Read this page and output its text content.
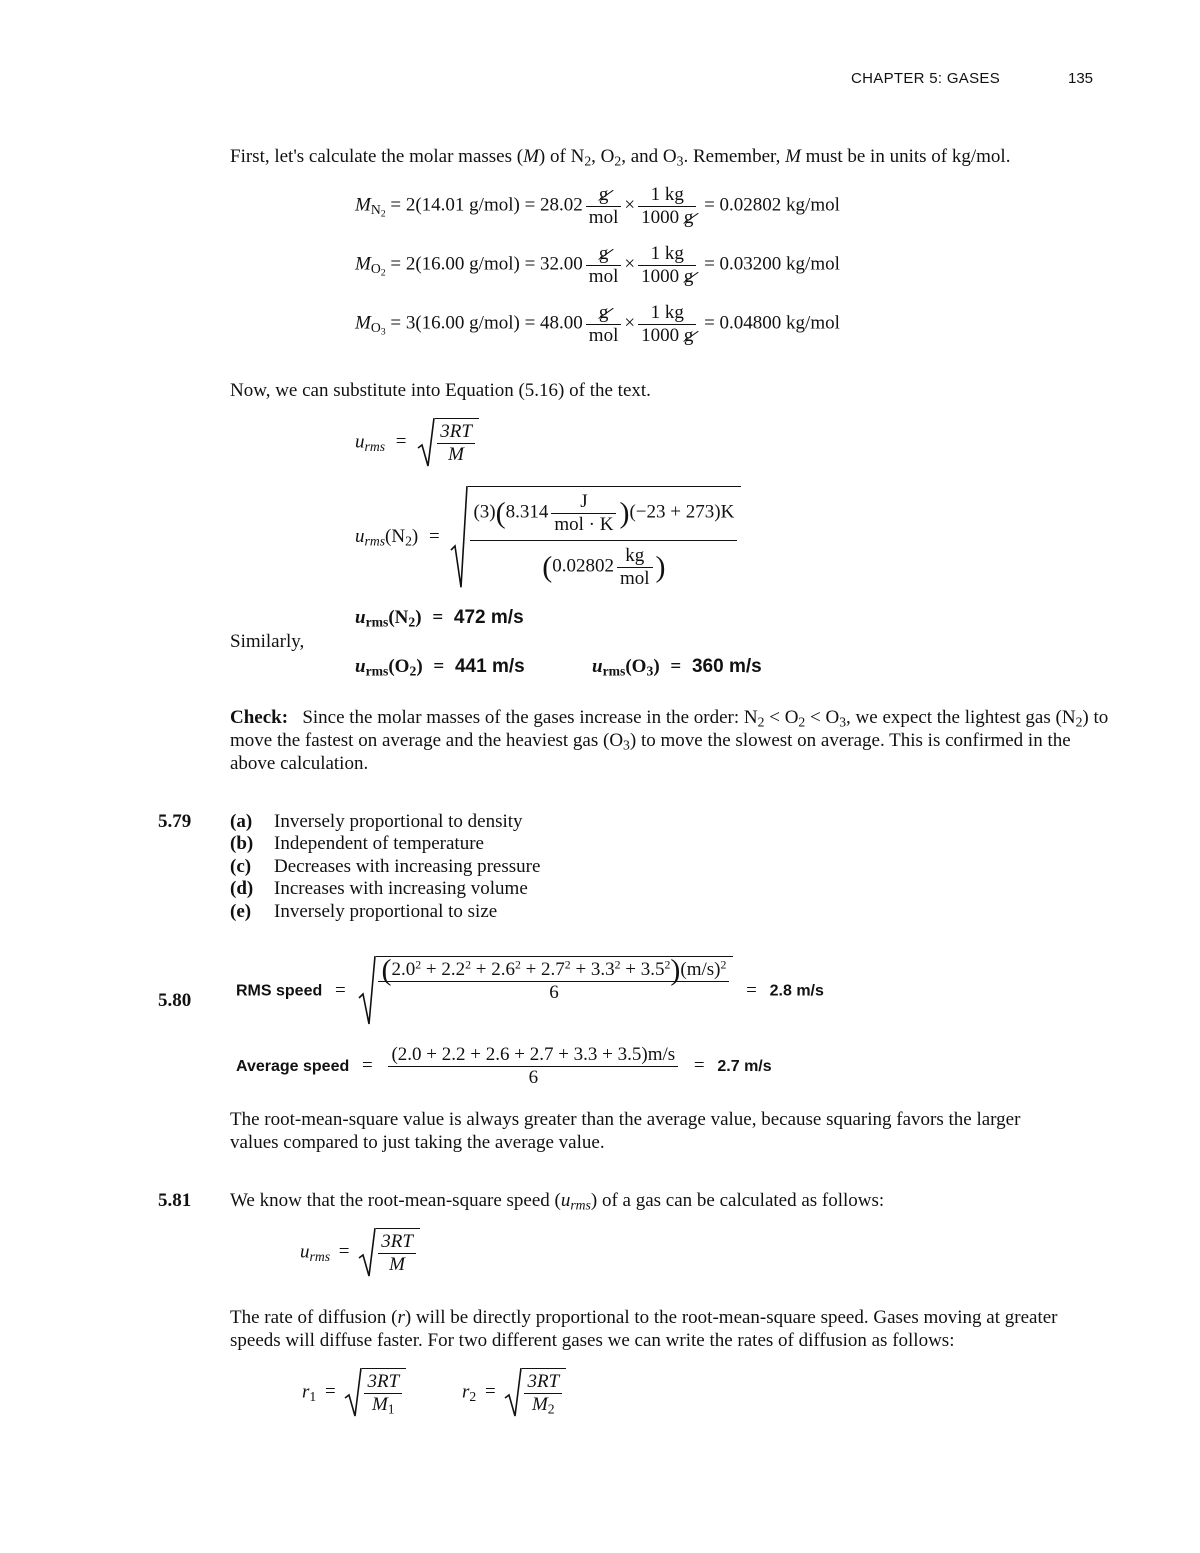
CHAPTER 5: GASES	135
First, let's calculate the molar masses (M) of $N_2$, $O_2$, and $O_3$. Remember, M must be in units of kg/mol.
$M_{N_2} = 2(14.01$ $g/mol) = 28.02 \frac{g}{\text{mol}} \times \frac{1 kg}{1000 g} = 0.02802$ kg/mol
$M_{O_2} = 2(16.00$ $g/mol) = 32.00 \frac{g}{\text{mol}} \times \frac{1 kg}{1000 g} = 0.03200$ kg/mol
$M_{O_3} = 3(16.00$ $g/mol) = 48.00 \frac{g}{\text{mol}} \times \frac{1 kg}{1000 g} = 0.04800$ kg/mol
Now, we can substitute into Equation (5.16) of the text.
$u_{rms} = \frac{3RT}{M}$
$u_{rms}(N_2) = \frac{(3)(8.314 \frac{J}{\text{mol · K}} )(-23 + 273)K}{(0.02802 \frac{kg}{\text{mol}} )}$
$u_{rms}(N_2) = 472$ m/s
Similarly,
$u_{rms}(O_2) = 441$ m/s	$u_{rms}(O_3) = 360$ m/s
Check: Since the molar masses of the gases increase in the order: $N_2 < O_2 < O_3$, we expect the lightest gas $(N_2)$ to move the fastest on average and the heaviest gas $(O_3)$ to move the slowest on average. This is confirmed in the above calculation.
5.79 (a) Inversely proportional to density
(b) Independent of temperature
(c) Decreases with increasing pressure
(d) Increases with increasing volume
(e) Inversely proportional to size
5.80	RMS speed = $\frac{(2.0^2 + 2.2^2 + 2.6^2 + 2.7^2 + 3.3^2 + 3.5^2)(m/s)^2}{6} = 2.8$ m/s
Average speed = $\frac{(2.0 + 2.2 + 2.6 + 2.7 + 3.3 + 3.5)m/s}{6} = 2.7$ m/s
The root-mean-square value is always greater than the average value, because squaring favors the larger values compared to just taking the average value.
5.81 We know that the root-mean-square speed $(u_{rms})$ of a gas can be calculated as follows:
$u_{rms} = \frac{3RT}{M}$
The rate of diffusion (r) will be directly proportional to the root-mean-square speed. Gases moving at greater speeds will diffuse faster. For two different gases we can write the rates of diffusion as follows:
$r_1 = \frac{3RT}{M_1}$	$r_2 = \frac{3RT}{M_2}$
